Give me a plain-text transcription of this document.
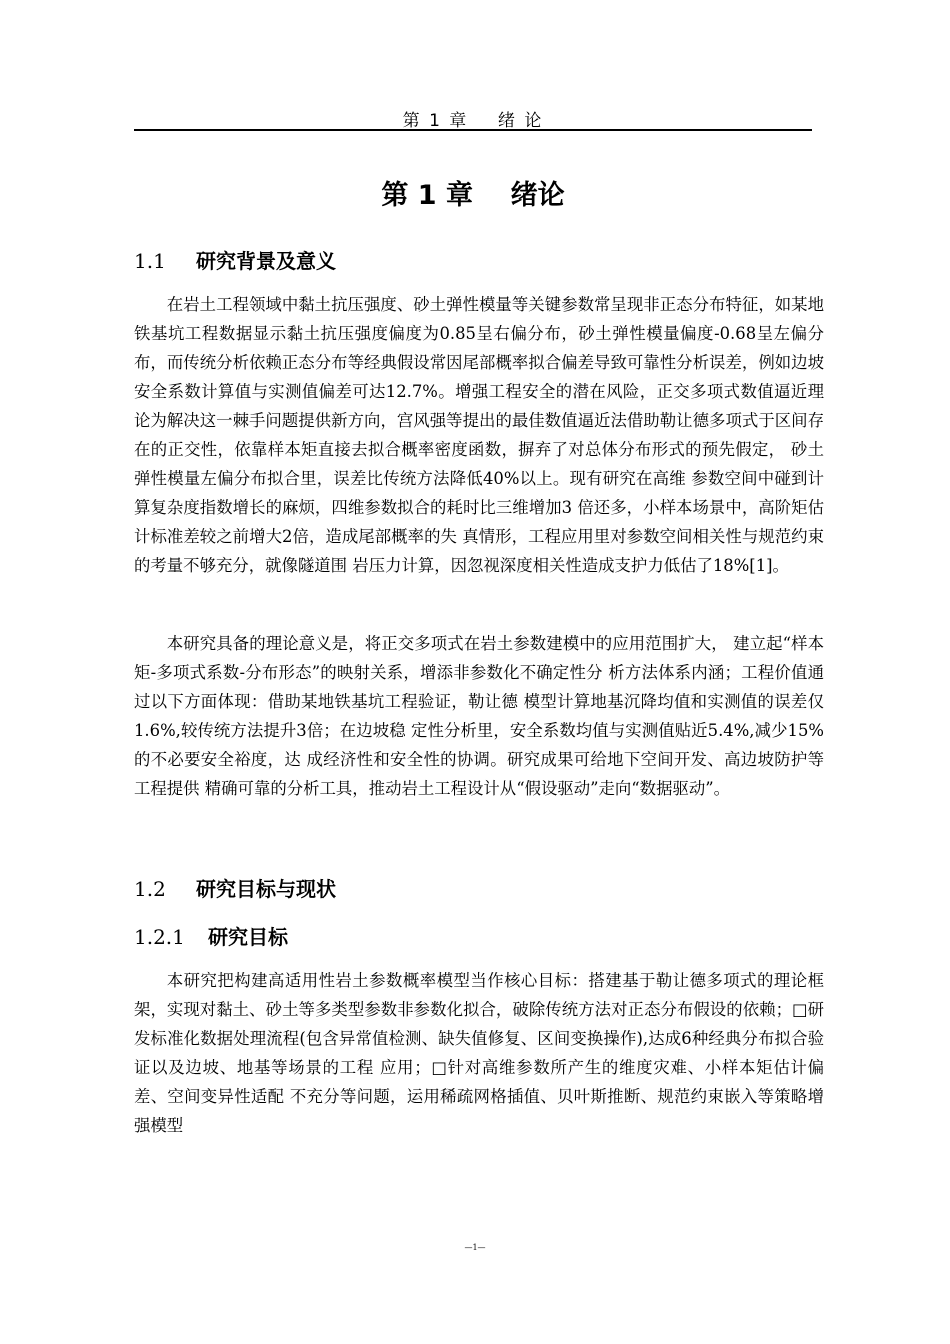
第 1 章    绪 论
第 1 章    绪论
1.1 研究背景及意义

在岩土工程领域中黏土抗压强度、砂土弹性模量等关键参数常呈现非正态分布特征，如某地铁基坑工程数据显示黏土抗压强度偏度为0.85呈右偏分布，砂土弹性模量偏度-0.68呈左偏分布，而传统分析依赖正态分布等经典假设常因尾部概率拟合偏差导致可靠性分析误差，例如边坡安全系数计算值与实测值偏差可达12.7%。增强工程安全的潜在风险，正交多项式数值逼近理论为解决这一棘手问题提供新方向，宫风强等提出的最佳数值逼近法借助勒让德多项式于区间存在的正交性，依靠样本矩直接去拟合概率密度函数，摒弃了对总体分布形式的预先假定， 砂土弹性模量左偏分布拟合里，误差比传统方法降低40%以上。现有研究在高维 参数空间中碰到计算复杂度指数增长的麻烦，四维参数拟合的耗时比三维增加3 倍还多，小样本场景中，高阶矩估计标准差较之前增大2倍，造成尾部概率的失 真情形，工程应用里对参数空间相关性与规范约束的考量不够充分，就像隧道围 岩压力计算，因忽视深度相关性造成支护力低估了18%[1]。

本研究具备的理论意义是，将正交多项式在岩土参数建模中的应用范围扩大， 建立起“样本矩-多项式系数-分布形态”的映射关系，增添非参数化不确定性分 析方法体系内涵；工程价值通过以下方面体现：借助某地铁基坑工程验证，勒让德 模型计算地基沉降均值和实测值的误差仅1.6%,较传统方法提升3倍；在边坡稳 定性分析里，安全系数均值与实测值贴近5.4%,减少15%的不必要安全裕度，达 成经济性和安全性的协调。研究成果可给地下空间开发、高边坡防护等工程提供 精确可靠的分析工具，推动岩土工程设计从“假设驱动”走向“数据驱动”。

1.2 研究目标与现状
1.2.1 研究目标

本研究把构建高适用性岩土参数概率模型当作核心目标：搭建基于勒让德多项式的理论框架，实现对黏土、砂土等多类型参数非参数化拟合，破除传统方法对正态分布假设的依赖；□研发标准化数据处理流程(包含异常值检测、缺失值修复、区间变换操作),达成6种经典分布拟合验证以及边坡、地基等场景的工程 应用；□针对高维参数所产生的维度灾难、小样本矩估计偏差、空间变异性适配 不充分等问题，运用稀疏网格插值、贝叶斯推断、规范约束嵌入等策略增强模型

—1—
